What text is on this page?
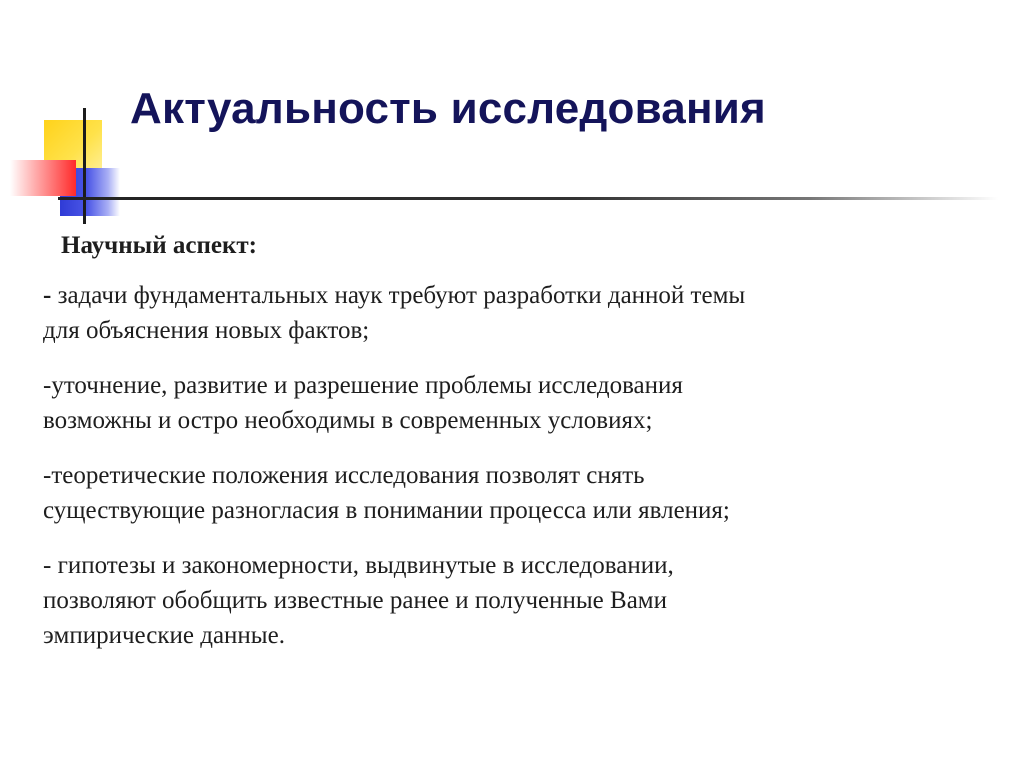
Актуальность исследования

Научный аспект:

- задачи фундаментальных наук требуют разработки данной темы
для объяснения новых фактов;

-уточнение, развитие и разрешение проблемы исследования
возможны и остро необходимы в современных условиях;

-теоретические положения исследования позволят снять
существующие разногласия в понимании процесса или явления;

- гипотезы и закономерности, выдвинутые в исследовании,
позволяют обобщить известные ранее и полученные Вами
эмпирические данные.
